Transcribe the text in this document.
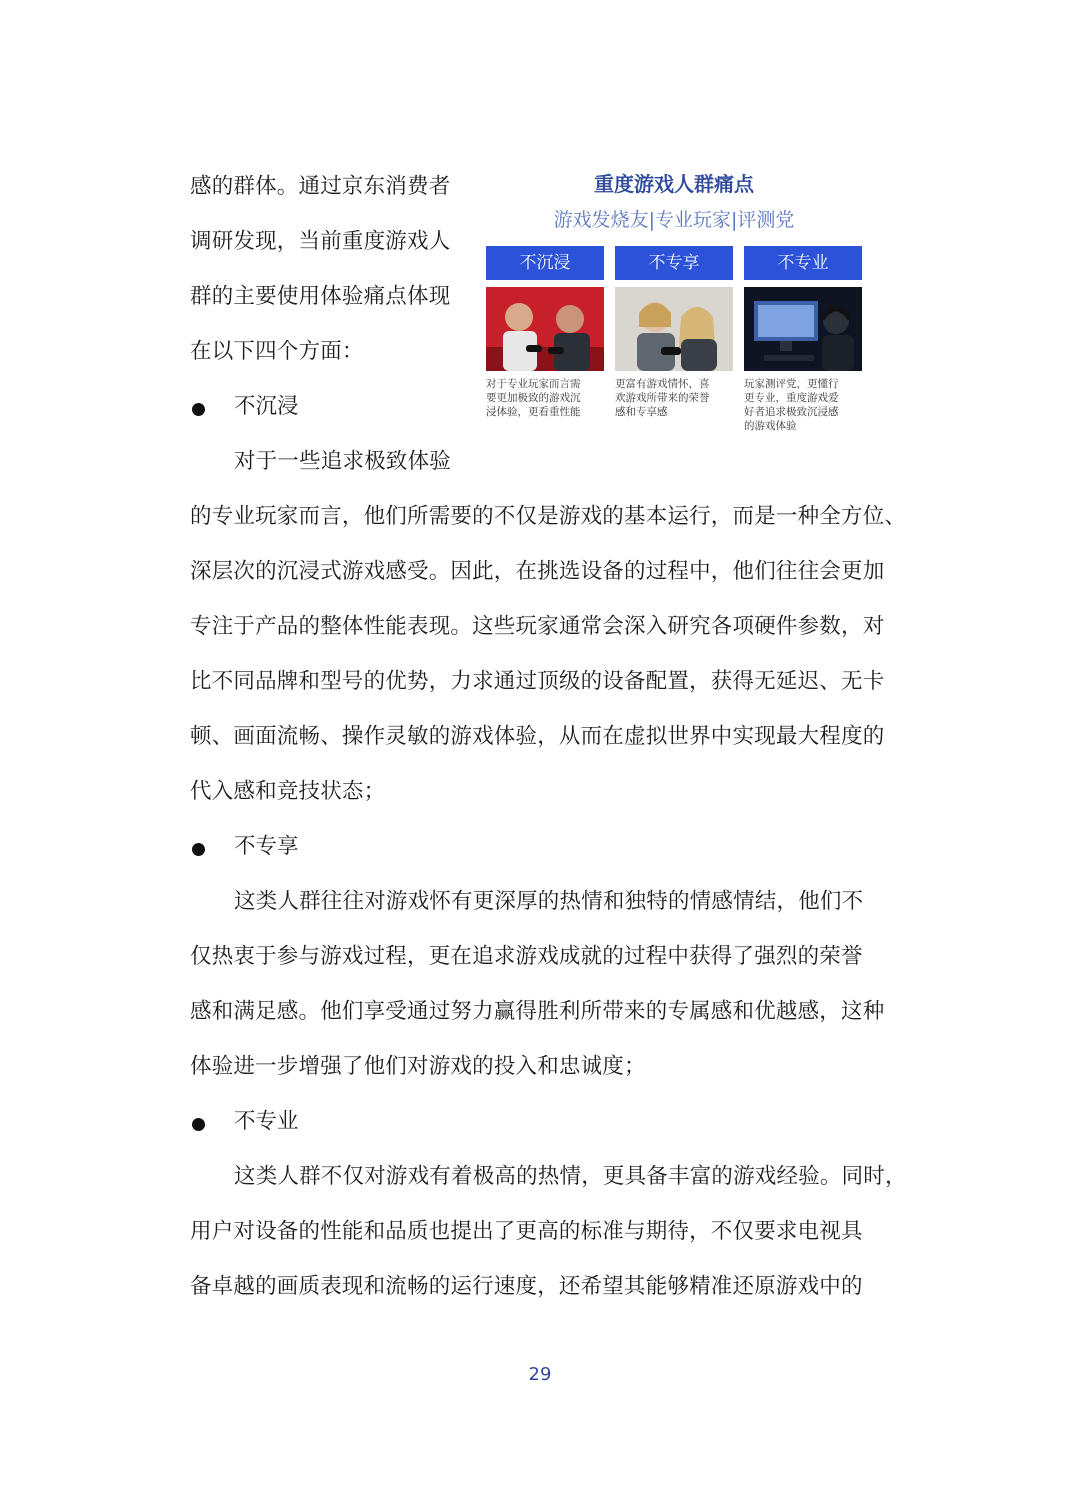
感的群体。通过京东消费者
调研发现，当前重度游戏人
群的主要使用体验痛点体现
在以下四个方面：
重度游戏人群痛点
游戏发烧友|专业玩家|评测党
不沉浸
对于专业玩家而言需
要更加极致的游戏沉
浸体验，更看重性能
不专享
更富有游戏情怀，喜
欢游戏所带来的荣誉
感和专享感
不专业
玩家测评党，更懂行
更专业，重度游戏爱
好者追求极致沉浸感
的游戏体验
不沉浸
对于一些追求极致体验
的专业玩家而言，他们所需要的不仅是游戏的基本运行，而是一种全方位、
深层次的沉浸式游戏感受。因此，在挑选设备的过程中，他们往往会更加
专注于产品的整体性能表现。这些玩家通常会深入研究各项硬件参数，对
比不同品牌和型号的优势，力求通过顶级的设备配置，获得无延迟、无卡
顿、画面流畅、操作灵敏的游戏体验，从而在虚拟世界中实现最大程度的
代入感和竞技状态；
不专享
这类人群往往对游戏怀有更深厚的热情和独特的情感情结，他们不
仅热衷于参与游戏过程，更在追求游戏成就的过程中获得了强烈的荣誉
感和满足感。他们享受通过努力赢得胜利所带来的专属感和优越感，这种
体验进一步增强了他们对游戏的投入和忠诚度；
不专业
这类人群不仅对游戏有着极高的热情，更具备丰富的游戏经验。同时，
用户对设备的性能和品质也提出了更高的标准与期待，不仅要求电视具
备卓越的画质表现和流畅的运行速度，还希望其能够精准还原游戏中的
29
